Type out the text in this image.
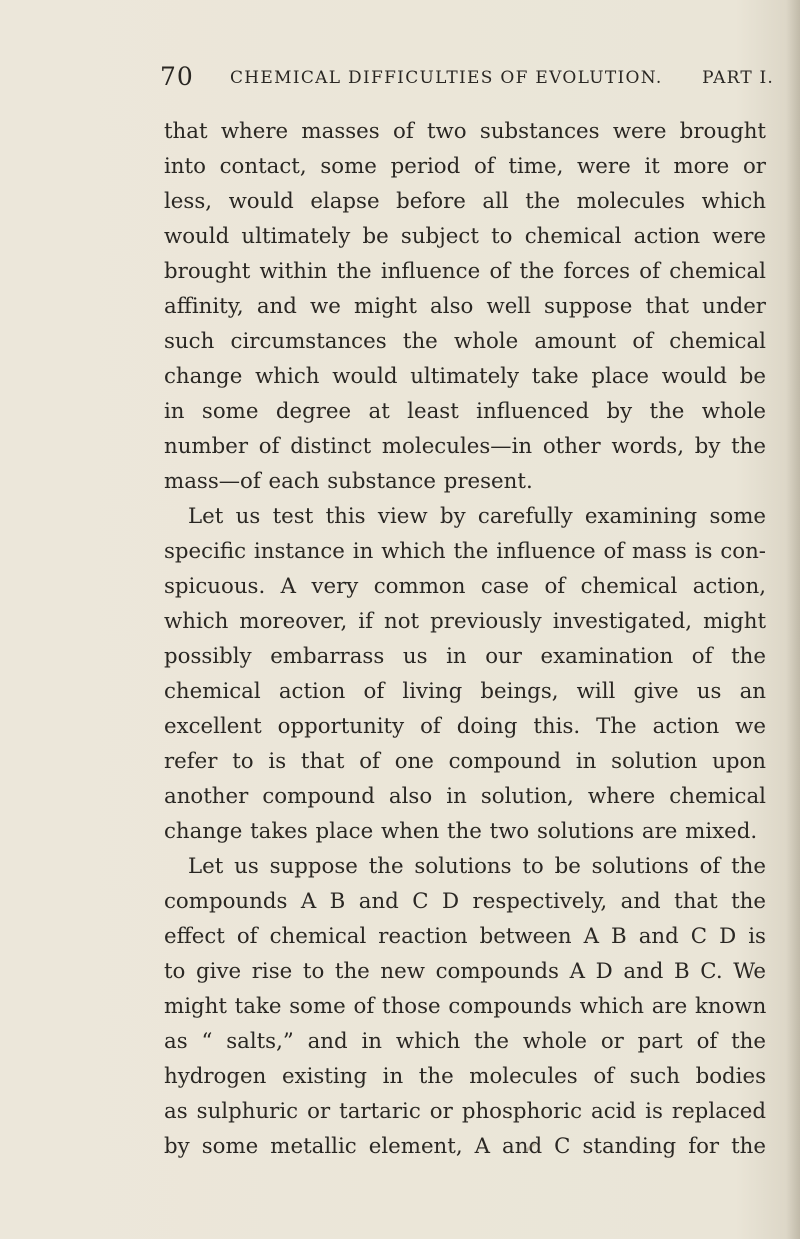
70 CHEMICAL DIFFICULTIES OF EVOLUTION. PART I.
that where masses of two substances were brought
into contact, some period of time, were it more or
less, would elapse before all the molecules which
would ultimately be subject to chemical action were
brought within the influence of the forces of chemical
affinity, and we might also well suppose that under
such circumstances the whole amount of chemical
change which would ultimately take place would be
in some degree at least influenced by the whole
number of distinct molecules—in other words, by the
mass—of each substance present.
Let us test this view by carefully examining some
specific instance in which the influence of mass is con-
spicuous. A very common case of chemical action,
which moreover, if not previously investigated, might
possibly embarrass us in our examination of the
chemical action of living beings, will give us an
excellent opportunity of doing this. The action we
refer to is that of one compound in solution upon
another compound also in solution, where chemical
change takes place when the two solutions are mixed.
Let us suppose the solutions to be solutions of the
compounds A B and C D respectively, and that the
effect of chemical reaction between A B and C D is
to give rise to the new compounds A D and B C. We
might take some of those compounds which are known
as “ salts,” and in which the whole or part of the
hydrogen existing in the molecules of such bodies
as sulphuric or tartaric or phosphoric acid is replaced
by some metallic element, A and C standing for the
